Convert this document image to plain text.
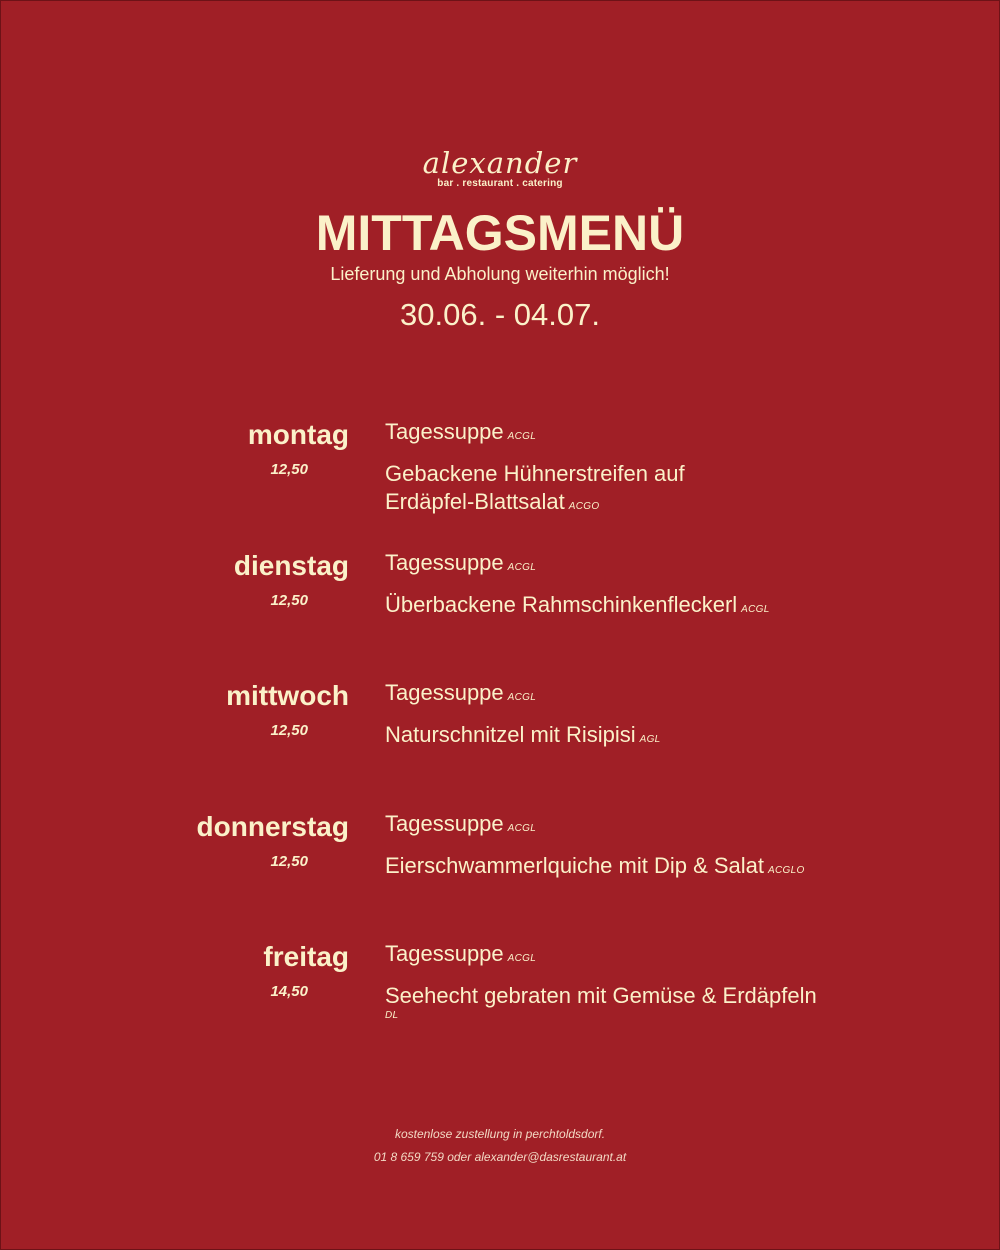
alexander
bar . restaurant . catering
MITTAGSMENÜ
Lieferung und Abholung weiterhin möglich!
30.06. - 04.07.
montag
12,50
Tagessuppe ACGL
Gebackene Hühnerstreifen auf
Erdäpfel-Blattsalat ACGO
dienstag
12,50
Tagessuppe ACGL
Überbackene Rahmschinkenfleckerl ACGL
mittwoch
12,50
Tagessuppe ACGL
Naturschnitzel mit Risipisi AGL
donnerstag
12,50
Tagessuppe ACGL
Eierschwammerlquiche mit Dip & Salat ACGLO
freitag
14,50
Tagessuppe ACGL
Seehecht gebraten mit Gemüse & Erdäpfeln
DL
kostenlose zustellung in perchtoldsdorf.
01 8 659 759 oder alexander@dasrestaurant.at
